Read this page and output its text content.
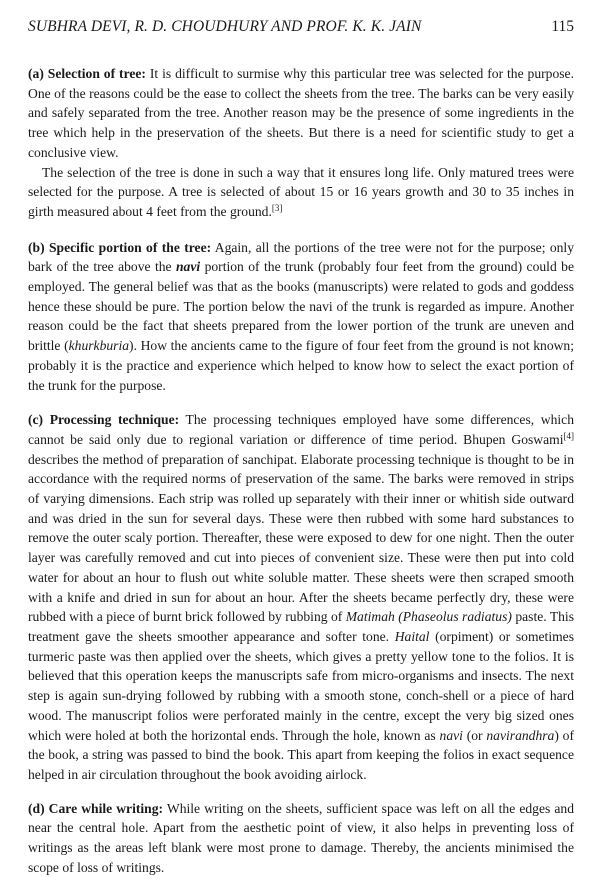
SUBHRA DEVI, R. D. CHOUDHURY AND PROF. K. K. JAIN	115

(a) Selection of tree: It is difficult to surmise why this particular tree was selected for the purpose. One of the reasons could be the ease to collect the sheets from the tree. The barks can be very easily and safely separated from the tree. Another reason may be the presence of some ingredients in the tree which help in the preservation of the sheets. But there is a need for scientific study to get a conclusive view.

The selection of the tree is done in such a way that it ensures long life. Only matured trees were selected for the purpose. A tree is selected of about 15 or 16 years growth and 30 to 35 inches in girth measured about 4 feet from the ground.[3]

(b) Specific portion of the tree: Again, all the portions of the tree were not for the purpose; only bark of the tree above the navi portion of the trunk (probably four feet from the ground) could be employed. The general belief was that as the books (manuscripts) were related to gods and goddess hence these should be pure. The portion below the navi of the trunk is regarded as impure. Another reason could be the fact that sheets prepared from the lower portion of the trunk are uneven and brittle (khurkburia). How the ancients came to the figure of four feet from the ground is not known; probably it is the practice and experience which helped to know how to select the exact portion of the trunk for the purpose.

(c) Processing technique: The processing techniques employed have some differences, which cannot be said only due to regional variation or difference of time period. Bhupen Goswami[4] describes the method of preparation of sanchipat. Elaborate processing technique is thought to be in accordance with the required norms of preservation of the same. The barks were removed in strips of varying dimensions. Each strip was rolled up separately with their inner or whitish side outward and was dried in the sun for several days. These were then rubbed with some hard substances to remove the outer scaly portion. Thereafter, these were exposed to dew for one night. Then the outer layer was carefully removed and cut into pieces of convenient size. These were then put into cold water for about an hour to flush out white soluble matter. These sheets were then scraped smooth with a knife and dried in sun for about an hour. After the sheets became perfectly dry, these were rubbed with a piece of burnt brick followed by rubbing of Matimah (Phaseolus radiatus) paste. This treatment gave the sheets smoother appearance and softer tone. Haital (orpiment) or sometimes turmeric paste was then applied over the sheets, which gives a pretty yellow tone to the folios. It is believed that this operation keeps the manuscripts safe from micro-organisms and insects. The next step is again sun-drying followed by rubbing with a smooth stone, conch-shell or a piece of hard wood. The manuscript folios were perforated mainly in the centre, except the very big sized ones which were holed at both the horizontal ends. Through the hole, known as navi (or navirandhra) of the book, a string was passed to bind the book. This apart from keeping the folios in exact sequence helped in air circulation throughout the book avoiding airlock.

(d) Care while writing: While writing on the sheets, sufficient space was left on all the edges and near the central hole. Apart from the aesthetic point of view, it also helps in preventing loss of writings as the areas left blank were most prone to damage. Thereby, the ancients minimised the scope of loss of writings.
